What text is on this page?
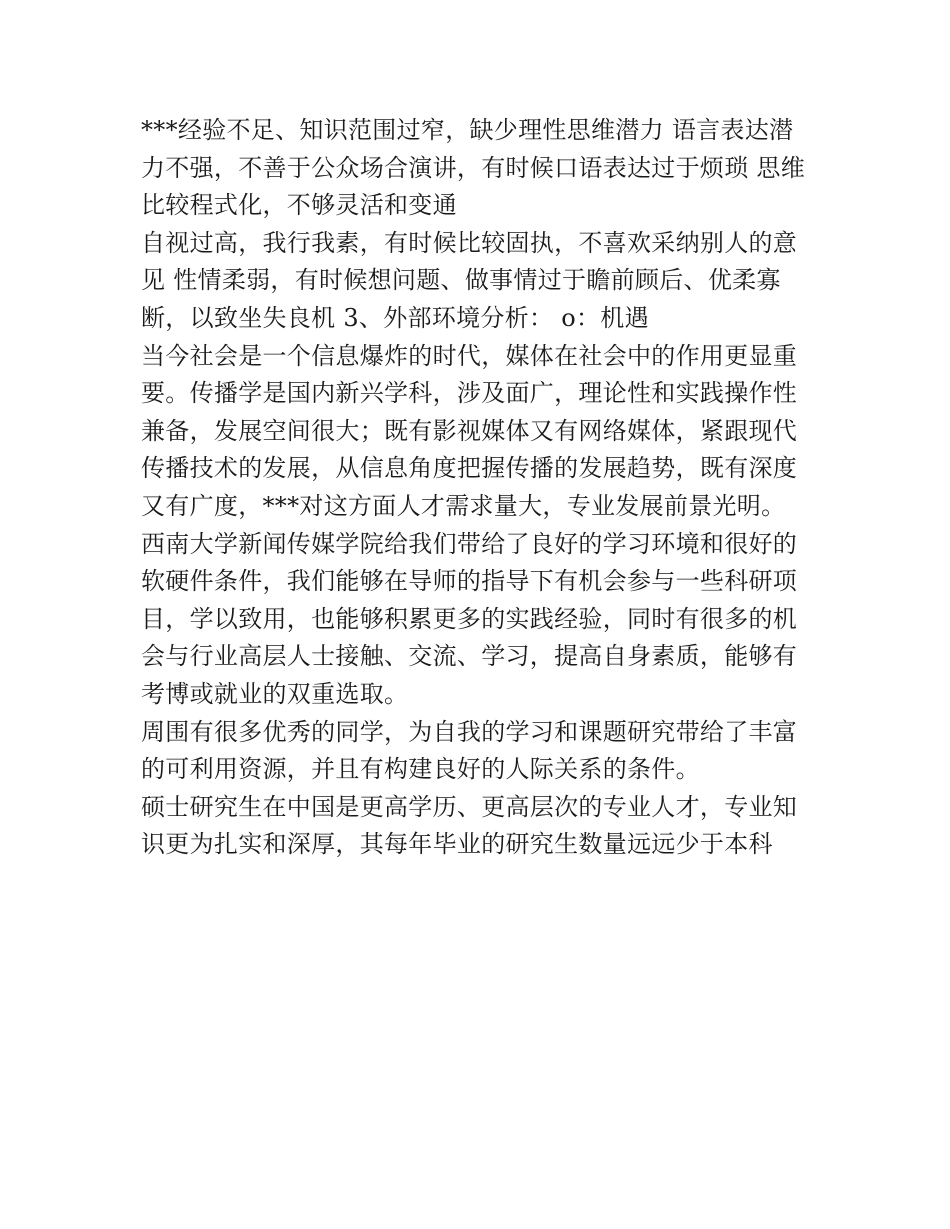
***经验不足、知识范围过窄，缺少理性思维潜力 语言表达潜力不强，不善于公众场合演讲，有时候口语表达过于烦琐 思维比较程式化，不够灵活和变通

自视过高，我行我素，有时候比较固执，不喜欢采纳别人的意见 性情柔弱，有时候想问题、做事情过于瞻前顾后、优柔寡断，以致坐失良机 3、外部环境分析： o：机遇

当今社会是一个信息爆炸的时代，媒体在社会中的作用更显重要。传播学是国内新兴学科，涉及面广，理论性和实践操作性兼备，发展空间很大；既有影视媒体又有网络媒体，紧跟现代传播技术的发展，从信息角度把握传播的发展趋势，既有深度又有广度，***对这方面人才需求量大，专业发展前景光明。

西南大学新闻传媒学院给我们带给了良好的学习环境和很好的软硬件条件，我们能够在导师的指导下有机会参与一些科研项目，学以致用，也能够积累更多的实践经验，同时有很多的机会与行业高层人士接触、交流、学习，提高自身素质，能够有考博或就业的双重选取。

周围有很多优秀的同学，为自我的学习和课题研究带给了丰富的可利用资源，并且有构建良好的人际关系的条件。

硕士研究生在中国是更高学历、更高层次的专业人才，专业知识更为扎实和深厚，其每年毕业的研究生数量远远少于本科
